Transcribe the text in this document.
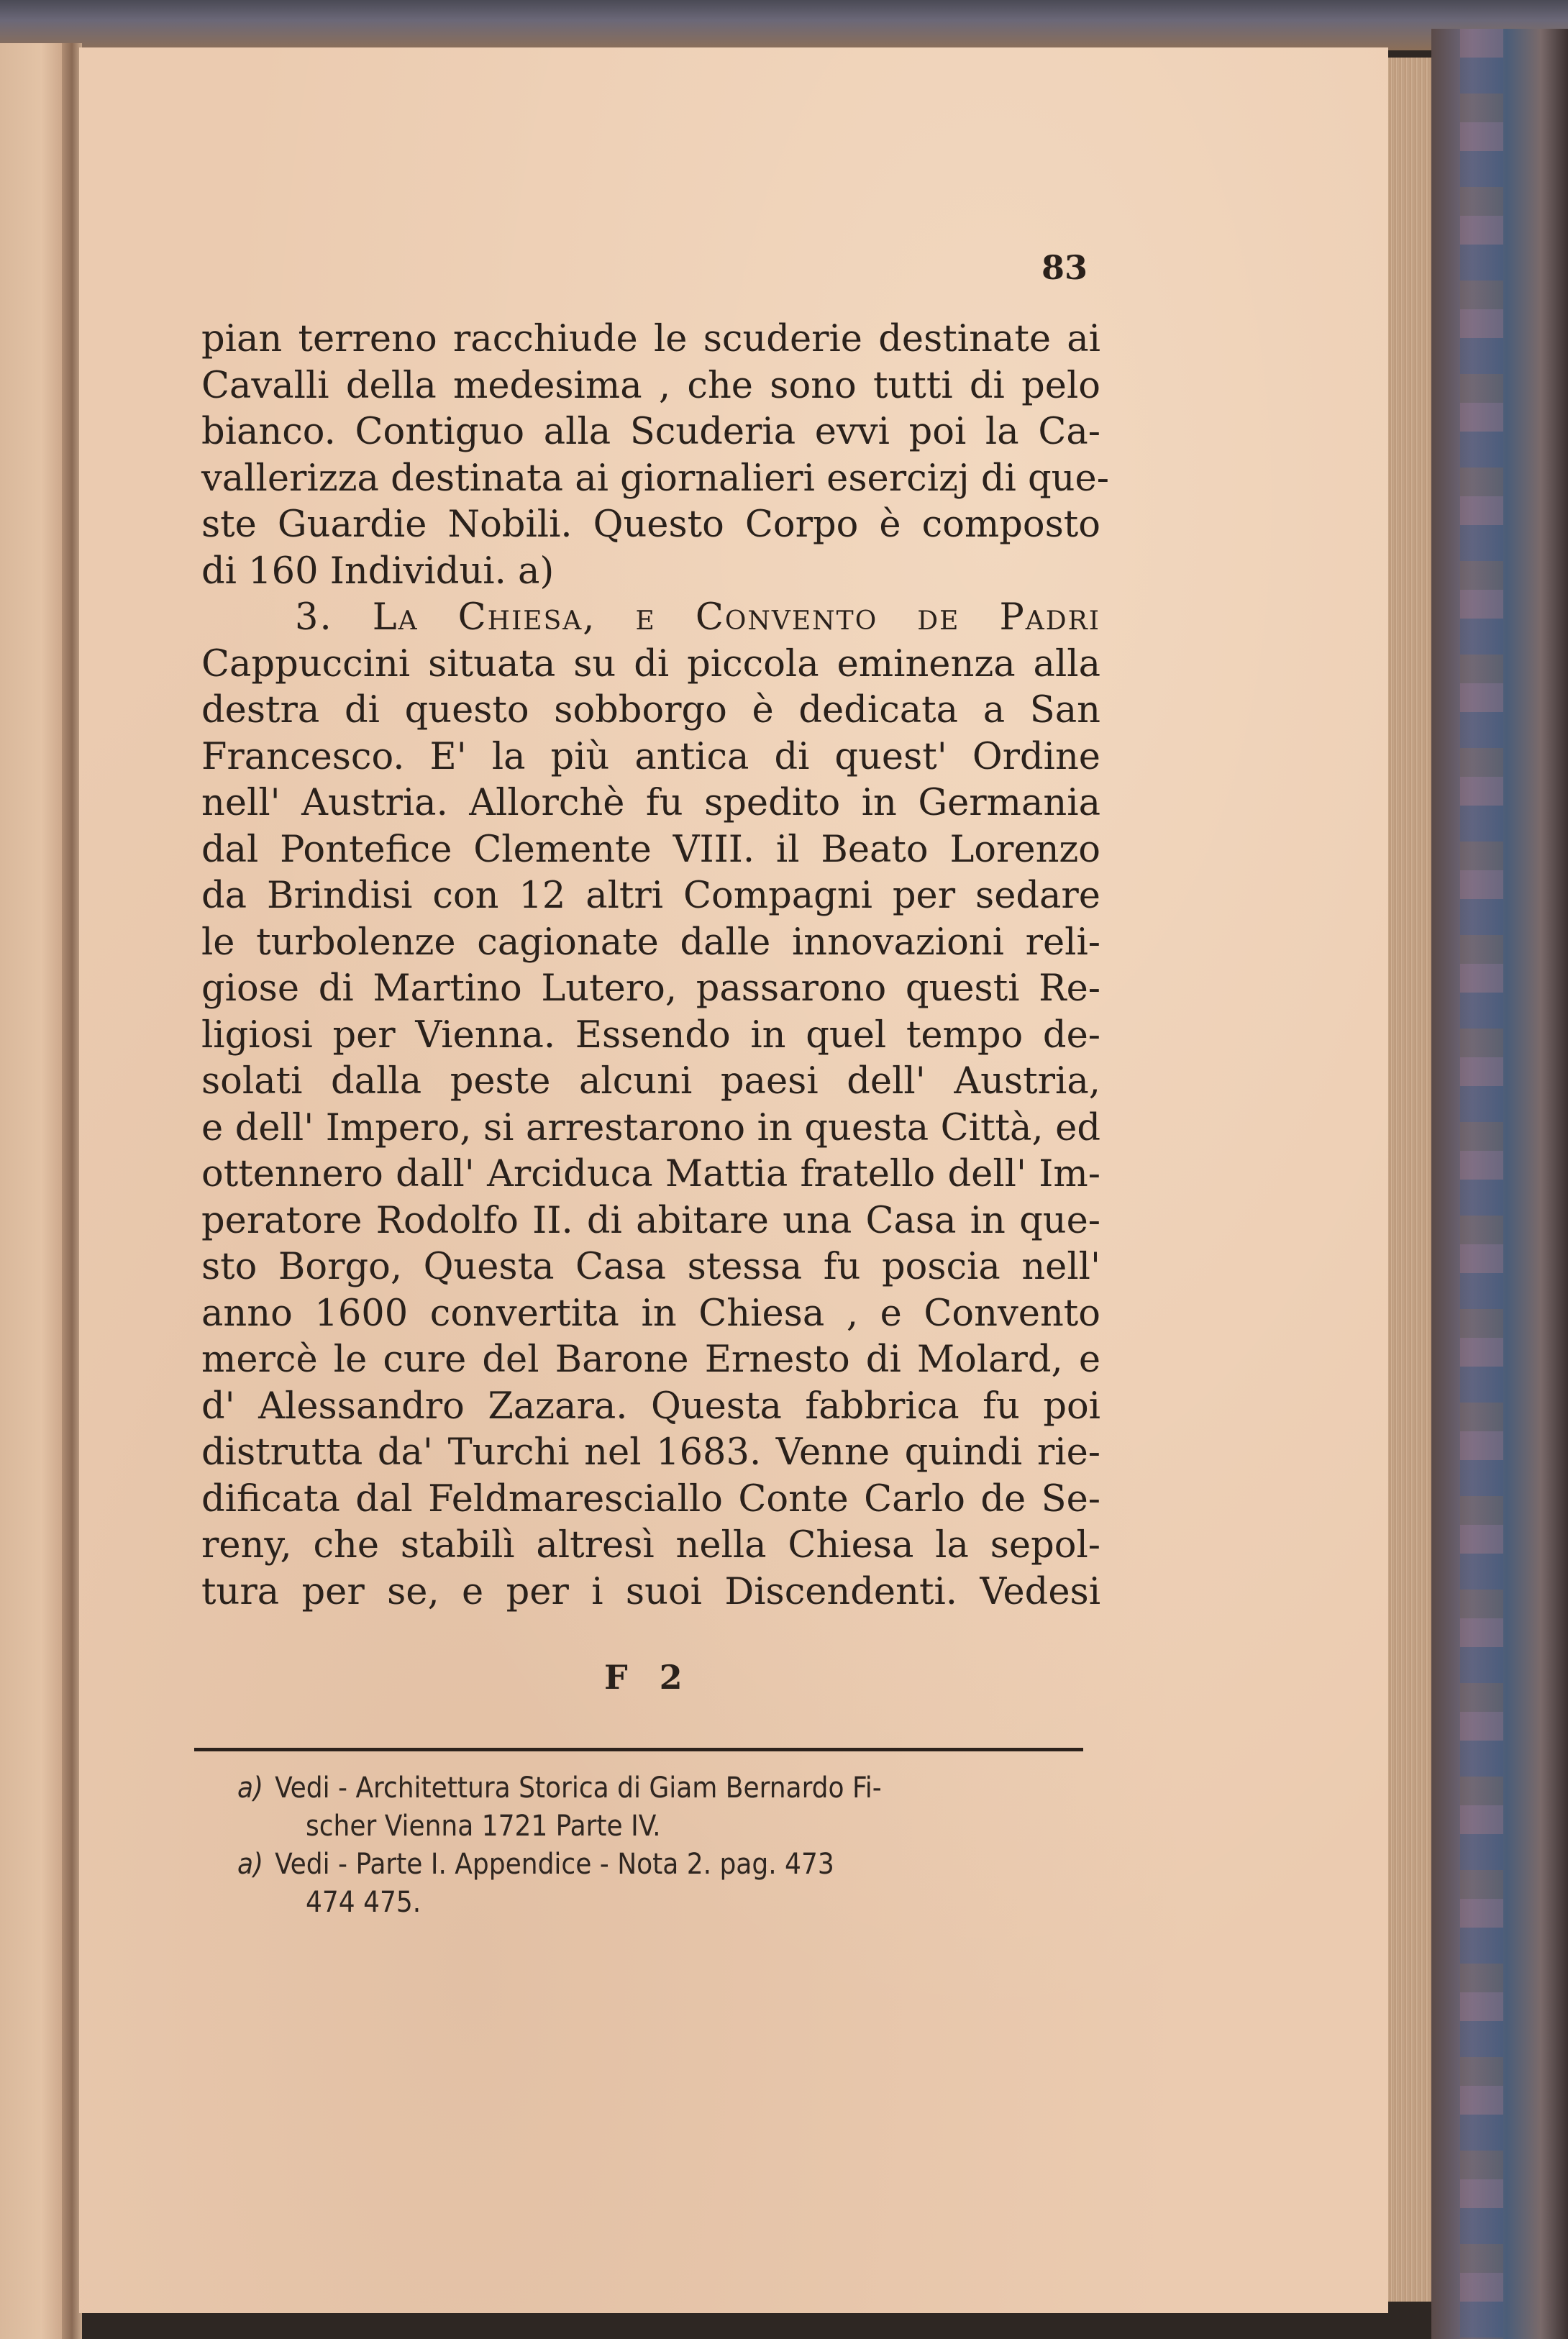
83
pian terreno racchiude le scuderie destinate ai
Cavalli della medesima , che sono tutti di pelo
bianco. Contiguo alla Scuderia evvi poi la Ca-
vallerizza destinata ai giornalieri esercizj di que-
ste Guardie Nobili. Questo Corpo è composto
di 160 Individui. a)
3. La Chiesa, e Convento de Padri
Cappuccini situata su di piccola eminenza alla
destra di questo sobborgo è dedicata a San
Francesco. E' la più antica di quest' Ordine
nell' Austria. Allorchè fu spedito in Germania
dal Pontefice Clemente VIII. il Beato Lorenzo
da Brindisi con 12 altri Compagni per sedare
le turbolenze cagionate dalle innovazioni reli-
giose di Martino Lutero, passarono questi Re-
ligiosi per Vienna. Essendo in quel tempo de-
solati dalla peste alcuni paesi dell' Austria,
e dell' Impero, si arrestarono in questa Città, ed
ottennero dall' Arciduca Mattia fratello dell' Im-
peratore Rodolfo II. di abitare una Casa in que-
sto Borgo, Questa Casa stessa fu poscia nell'
anno 1600 convertita in Chiesa , e Convento
mercè le cure del Barone Ernesto di Molard, e
d' Alessandro Zazara. Questa fabbrica fu poi
distrutta da' Turchi nel 1683. Venne quindi rie-
dificata dal Feldmaresciallo Conte Carlo de Se-
reny, che stabilì altresì nella Chiesa la sepol-
tura per se, e per i suoi Discendenti. Vedesi
F 2
a) Vedi - Architettura Storica di Giam Bernardo Fi-
scher Vienna 1721 Parte IV.
a) Vedi - Parte I. Appendice - Nota 2. pag. 473
474 475.
